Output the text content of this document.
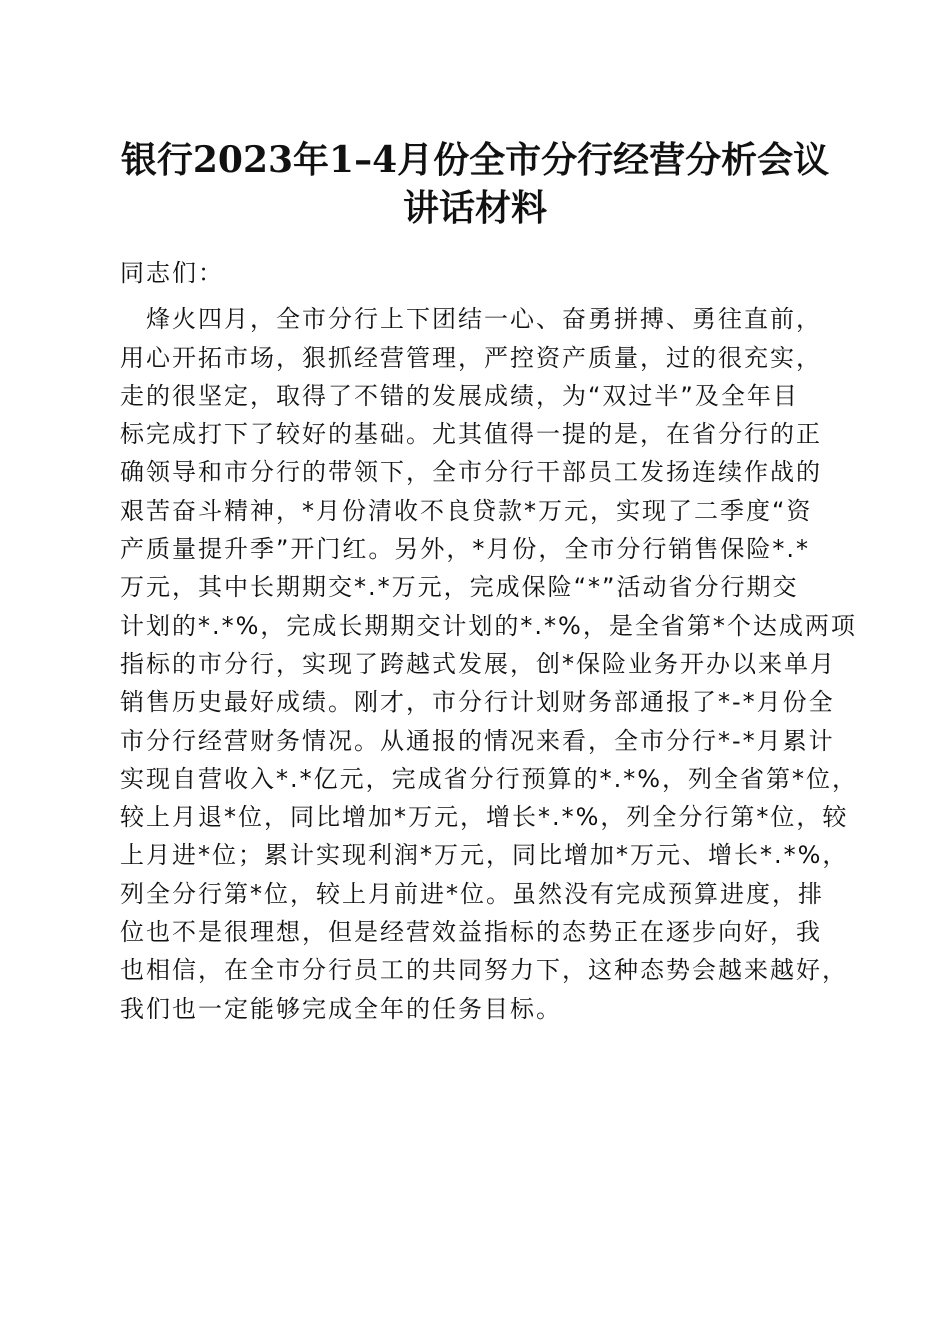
银行2023年1–4月份全市分行经营分析会议
讲话材料

同志们：

　烽火四月，全市分行上下团结一心、奋勇拼搏、勇往直前，
用心开拓市场，狠抓经营管理，严控资产质量，过的很充实，
走的很坚定，取得了不错的发展成绩，为“双过半”及全年目
标完成打下了较好的基础。尤其值得一提的是，在省分行的正
确领导和市分行的带领下，全市分行干部员工发扬连续作战的
艰苦奋斗精神，*月份清收不良贷款*万元，实现了二季度“资
产质量提升季”开门红。另外，*月份，全市分行销售保险*.*
万元，其中长期期交*.*万元，完成保险“*”活动省分行期交
计划的*.*%，完成长期期交计划的*.*%，是全省第*个达成两项
指标的市分行，实现了跨越式发展，创*保险业务开办以来单月
销售历史最好成绩。刚才，市分行计划财务部通报了*-*月份全
市分行经营财务情况。从通报的情况来看，全市分行*-*月累计
实现自营收入*.*亿元，完成省分行预算的*.*%，列全省第*位，
较上月退*位，同比增加*万元，增长*.*%，列全分行第*位，较
上月进*位；累计实现利润*万元，同比增加*万元、增长*.*%，
列全分行第*位，较上月前进*位。虽然没有完成预算进度，排
位也不是很理想，但是经营效益指标的态势正在逐步向好，我
也相信，在全市分行员工的共同努力下，这种态势会越来越好，
我们也一定能够完成全年的任务目标。
